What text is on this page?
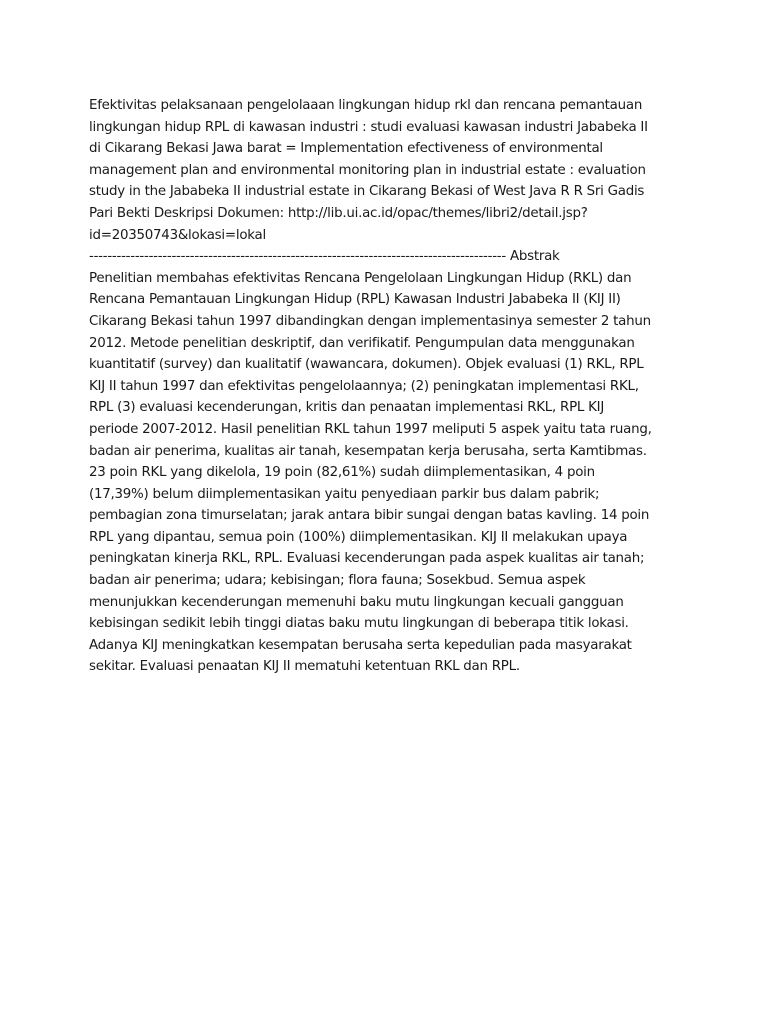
Efektivitas pelaksanaan pengelolaaan lingkungan hidup rkl dan rencana pemantauan
lingkungan hidup RPL di kawasan industri : studi evaluasi kawasan industri Jababeka II
di Cikarang Bekasi Jawa barat = Implementation efectiveness of environmental
management plan and environmental monitoring plan in industrial estate : evaluation
study in the Jababeka II industrial estate in Cikarang Bekasi of West Java R R Sri Gadis
Pari Bekti Deskripsi Dokumen: http://lib.ui.ac.id/opac/themes/libri2/detail.jsp?
id=20350743&lokasi=lokal

------------------------------------------------------------------------------------------- Abstrak

Penelitian membahas efektivitas Rencana Pengelolaan Lingkungan Hidup (RKL) dan
Rencana Pemantauan Lingkungan Hidup (RPL) Kawasan Industri Jababeka II (KIJ II)
Cikarang Bekasi tahun 1997 dibandingkan dengan implementasinya semester 2 tahun
2012. Metode penelitian deskriptif, dan verifikatif. Pengumpulan data menggunakan
kuantitatif (survey) dan kualitatif (wawancara, dokumen). Objek evaluasi (1) RKL, RPL
KIJ II tahun 1997 dan efektivitas pengelolaannya; (2) peningkatan implementasi RKL,
RPL (3) evaluasi kecenderungan, kritis dan penaatan implementasi RKL, RPL KIJ
periode 2007-2012. Hasil penelitian RKL tahun 1997 meliputi 5 aspek yaitu tata ruang,
badan air penerima, kualitas air tanah, kesempatan kerja berusaha, serta Kamtibmas.
23 poin RKL yang dikelola, 19 poin (82,61%) sudah diimplementasikan, 4 poin
(17,39%) belum diimplementasikan yaitu penyediaan parkir bus dalam pabrik;
pembagian zona timurselatan; jarak antara bibir sungai dengan batas kavling. 14 poin
RPL yang dipantau, semua poin (100%) diimplementasikan. KIJ II melakukan upaya
peningkatan kinerja RKL, RPL. Evaluasi kecenderungan pada aspek kualitas air tanah;
badan air penerima; udara; kebisingan; flora fauna; Sosekbud. Semua aspek
menunjukkan kecenderungan memenuhi baku mutu lingkungan kecuali gangguan
kebisingan sedikit lebih tinggi diatas baku mutu lingkungan di beberapa titik lokasi.
Adanya KIJ meningkatkan kesempatan berusaha serta kepedulian pada masyarakat
sekitar. Evaluasi penaatan KIJ II mematuhi ketentuan RKL dan RPL.
